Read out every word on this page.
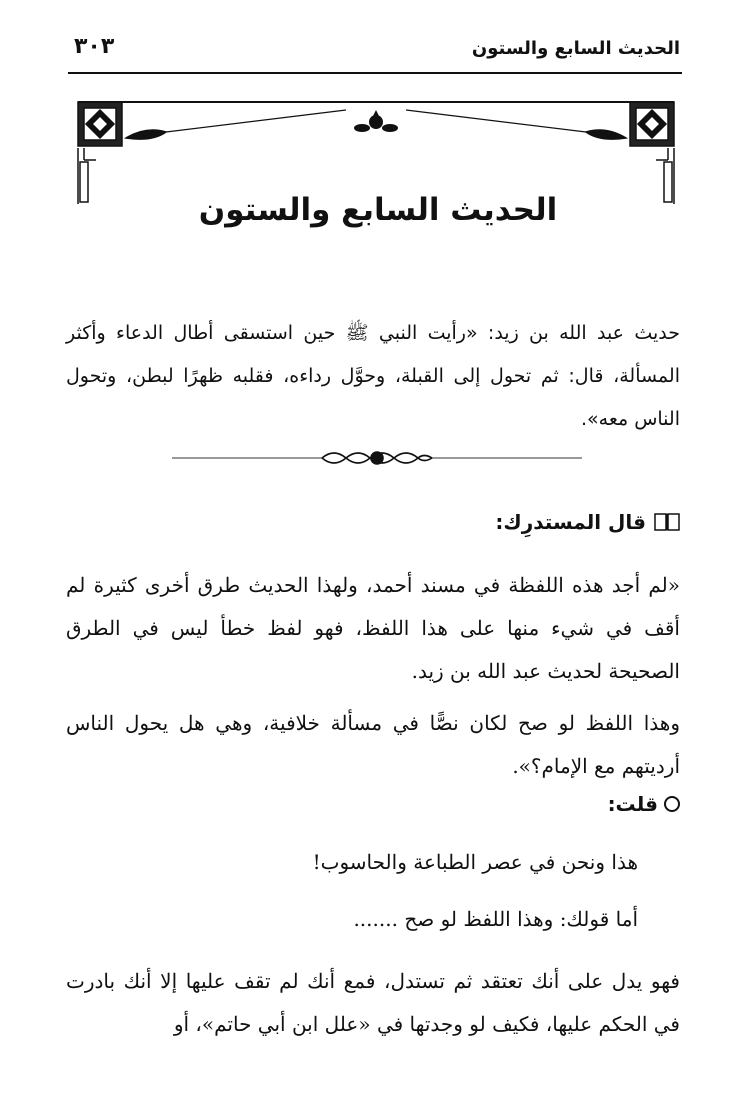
الحديث السابع والستون
٣٠٣
الحديث السابع والستون

حديث عبد الله بن زيد: «رأيت النبي ﷺ حين استسقى أطال الدعاء وأكثر المسألة، قال: ثم تحول إلى القبلة، وحوَّل رداءه، فقلبه ظهرًا لبطن، وتحول الناس معه».

قال المستدرِك:

«لم أجد هذه اللفظة في مسند أحمد، ولهذا الحديث طرق أخرى كثيرة لم أقف في شيء منها على هذا اللفظ، فهو لفظ خطأ ليس في الطرق الصحيحة لحديث عبد الله بن زيد.

وهذا اللفظ لو صح لكان نصًّا في مسألة خلافية، وهي هل يحول الناس أرديتهم مع الإمام؟».

قلت:

هذا ونحن في عصر الطباعة والحاسوب!

أما قولك: وهذا اللفظ لو صح .......

فهو يدل على أنك تعتقد ثم تستدل، فمع أنك لم تقف عليها إلا أنك بادرت في الحكم عليها، فكيف لو وجدتها في «علل ابن أبي حاتم»، أو
